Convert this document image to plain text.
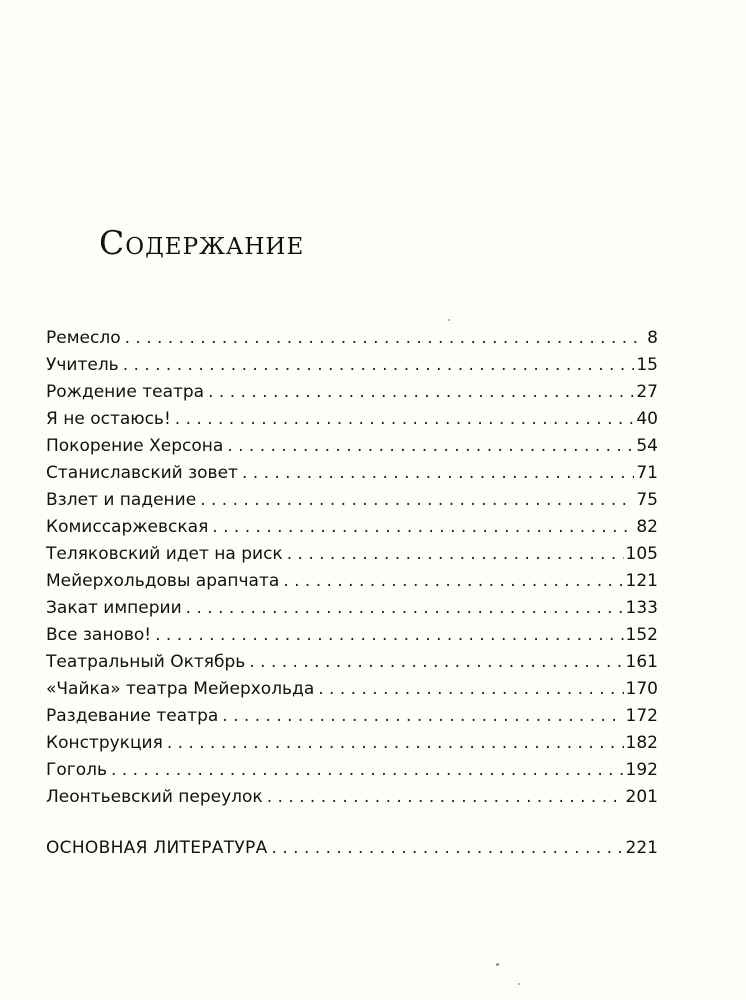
Содержание
Ремесло . . .	8
Учитель . . .	15
Рождение театра . . .	27
Я не остаюсь! . . .	40
Покорение Херсона . . .	54
Станиславский зовет . . .	71
Взлет и падение . . .	75
Комиссаржевская . . .	82
Теляковский идет на риск . . .	105
Мейерхольдовы арапчата . . .	121
Закат империи . . .	133
Все заново! . . .	152
Театральный Октябрь . . .	161
«Чайка» театра Мейерхольда . . .	170
Раздевание театра . . .	172
Конструкция . . .	182
Гоголь . . .	192
Леонтьевский переулок . . .	201
ОСНОВНАЯ ЛИТЕРАТУРА . . .	221
